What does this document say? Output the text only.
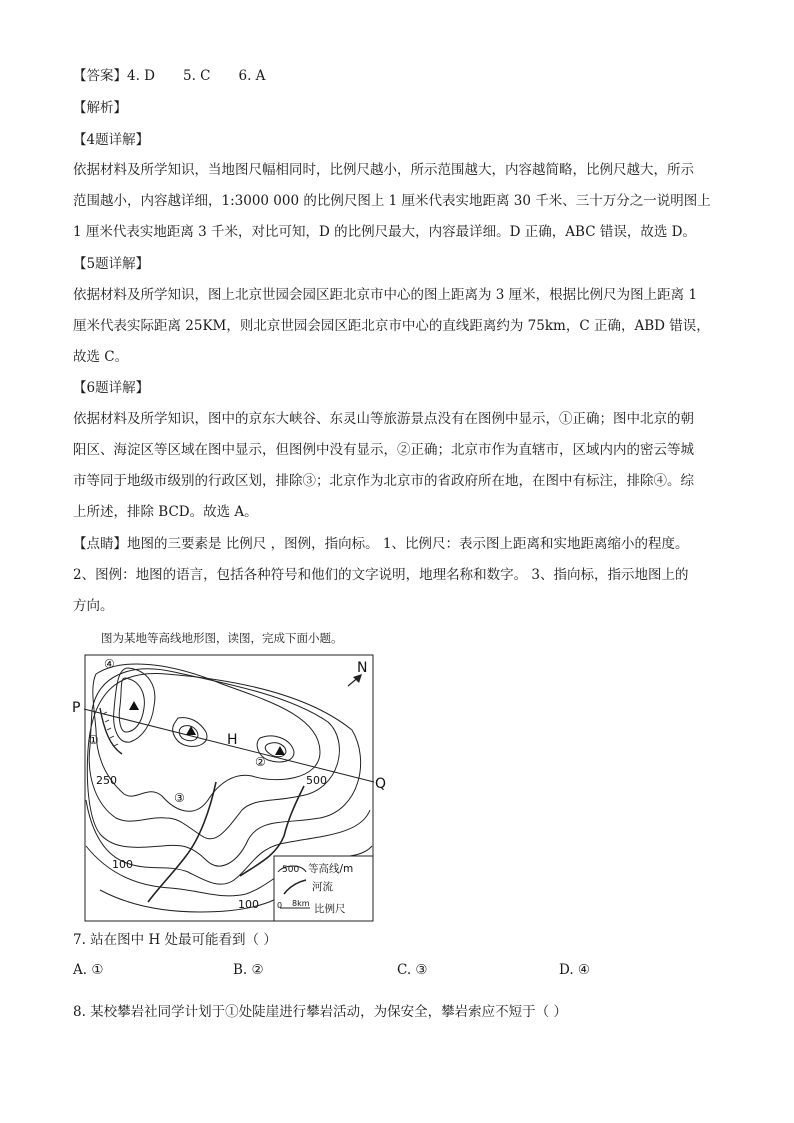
【答案】4. D 5. C 6. A
【解析】
【4题详解】
依据材料及所学知识，当地图尺幅相同时，比例尺越小，所示范围越大，内容越简略，比例尺越大，所示
范围越小，内容越详细，1:3000 000 的比例尺图上 1 厘米代表实地距离 30 千米、三十万分之一说明图上
1 厘米代表实地距离 3 千米，对比可知，D 的比例尺最大，内容最详细。D 正确，ABC 错误，故选 D。
【5题详解】
依据材料及所学知识，图上北京世园会园区距北京市中心的图上距离为 3 厘米，根据比例尺为图上距离 1
厘米代表实际距离 25KM，则北京世园会园区距北京市中心的直线距离约为 75km，C 正确，ABD 错误，
故选 C。
【6题详解】
依据材料及所学知识，图中的京东大峡谷、东灵山等旅游景点没有在图例中显示，①正确；图中北京的朝
阳区、海淀区等区域在图中显示，但图例中没有显示，②正确；北京市作为直辖市，区域内内的密云等城
市等同于地级市级别的行政区划，排除③；北京作为北京市的省政府所在地，在图中有标注，排除④。综
上所述，排除 BCD。故选 A。
【点睛】地图的三要素是 比例尺 ，图例，指向标。 1、比例尺：表示图上距离和实地距离缩小的程度。
2、图例：地图的语言，包括各种符号和他们的文字说明，地理名称和数字。 3、指向标，指示地图上的
方向。
图为某地等高线地形图，读图，完成下面小题。
P
Q
H
N
①
②
③
④
250	500
100
100
500 等高线/m
河流
0 8km 比例尺
7. 站在图中 H 处最可能看到（ ）
A. ①	B. ②	C. ③	D. ④
8. 某校攀岩社同学计划于①处陡崖进行攀岩活动，为保安全，攀岩索应不短于（ ）
